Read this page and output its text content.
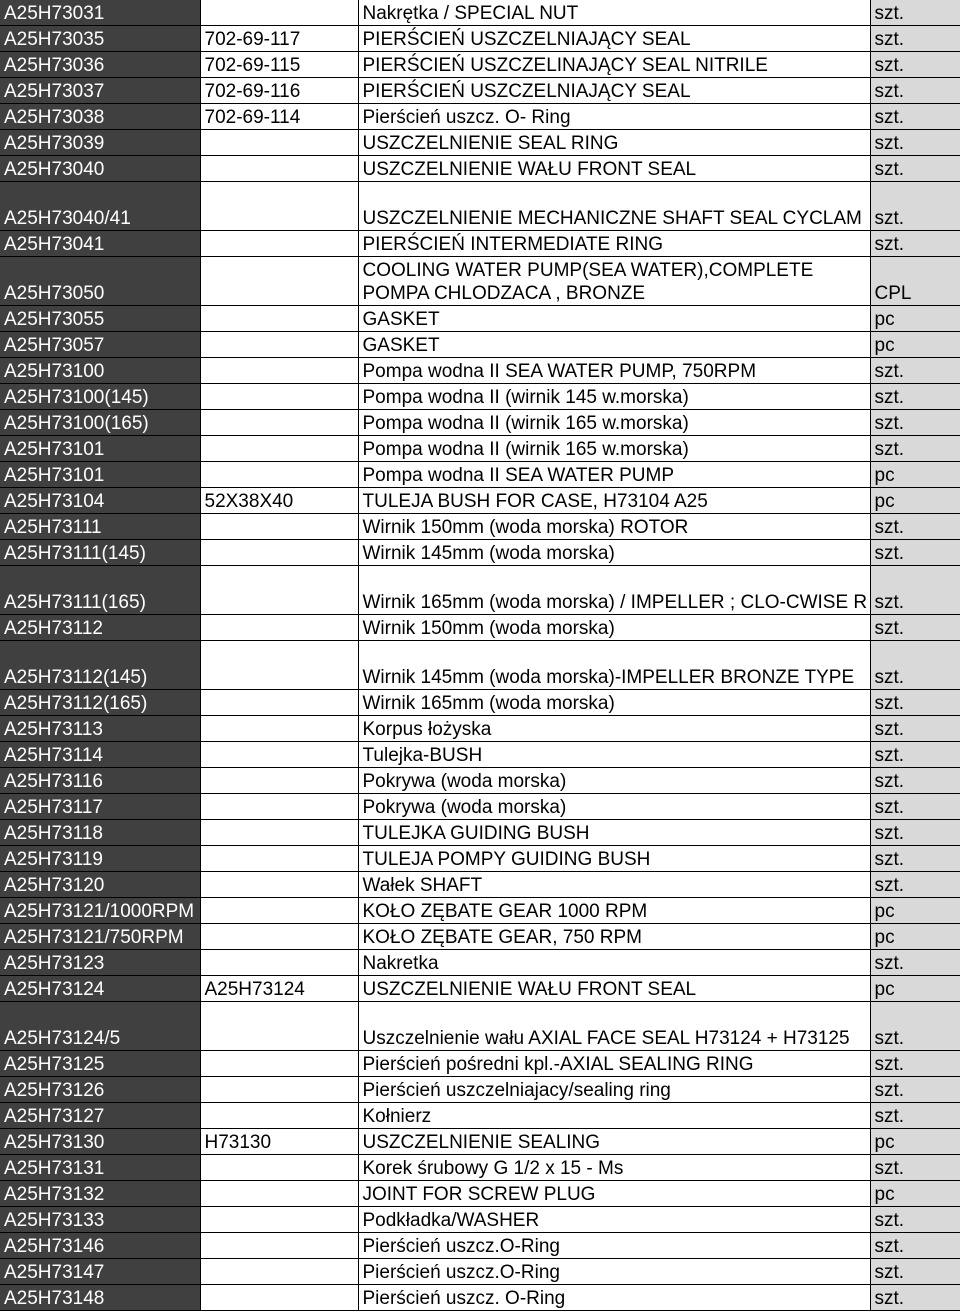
A25H73031		Nakrętka / SPECIAL NUT	szt.
A25H73035	702-69-117	PIERŚCIEŃ USZCZELNIAJĄCY SEAL	szt.
A25H73036	702-69-115	PIERŚCIEŃ USZCZELINAJĄCY SEAL NITRILE	szt.
A25H73037	702-69-116	PIERŚCIEŃ USZCZELNIAJĄCY SEAL	szt.
A25H73038	702-69-114	Pierścień uszcz. O- Ring	szt.
A25H73039		USZCZELNIENIE SEAL RING	szt.
A25H73040		USZCZELNIENIE WAŁU FRONT SEAL	szt.
A25H73040/41		USZCZELNIENIE MECHANICZNE SHAFT SEAL CYCLAM	szt.
A25H73041		PIERŚCIEŃ INTERMEDIATE RING	szt.
A25H73050		COOLING WATER PUMP(SEA WATER),COMPLETE POMPA CHLODZACA , BRONZE	CPL
A25H73055		GASKET	pc
A25H73057		GASKET	pc
A25H73100		Pompa wodna II SEA WATER PUMP, 750RPM	szt.
A25H73100(145)		Pompa wodna II (wirnik 145 w.morska)	szt.
A25H73100(165)		Pompa wodna II (wirnik 165 w.morska)	szt.
A25H73101		Pompa wodna II (wirnik 165 w.morska)	szt.
A25H73101		Pompa wodna II SEA WATER PUMP	pc
A25H73104	52X38X40	TULEJA BUSH FOR CASE, H73104 A25	pc
A25H73111		Wirnik 150mm (woda morska) ROTOR	szt.
A25H73111(145)		Wirnik 145mm (woda morska)	szt.
A25H73111(165)		Wirnik 165mm (woda morska) / IMPELLER ; CLO-CWISE R	szt.
A25H73112		Wirnik 150mm (woda morska)	szt.
A25H73112(145)		Wirnik 145mm (woda morska)-IMPELLER BRONZE TYPE	szt.
A25H73112(165)		Wirnik 165mm (woda morska)	szt.
A25H73113		Korpus łożyska	szt.
A25H73114		Tulejka-BUSH	szt.
A25H73116		Pokrywa (woda morska)	szt.
A25H73117		Pokrywa (woda morska)	szt.
A25H73118		TULEJKA GUIDING BUSH	szt.
A25H73119		TULEJA POMPY GUIDING BUSH	szt.
A25H73120		Wałek SHAFT	szt.
A25H73121/1000RPM		KOŁO ZĘBATE GEAR 1000 RPM	pc
A25H73121/750RPM		KOŁO ZĘBATE GEAR, 750 RPM	pc
A25H73123		Nakretka	szt.
A25H73124	A25H73124	USZCZELNIENIE WAŁU FRONT SEAL	pc
A25H73124/5		Uszczelnienie wału AXIAL FACE SEAL H73124 + H73125	szt.
A25H73125		Pierścień pośredni kpl.-AXIAL SEALING RING	szt.
A25H73126		Pierścień uszczelniajacy/sealing ring	szt.
A25H73127		Kołnierz	szt.
A25H73130	H73130	USZCZELNIENIE SEALING	pc
A25H73131		Korek śrubowy G 1/2 x 15 - Ms	szt.
A25H73132		JOINT FOR SCREW PLUG	pc
A25H73133		Podkładka/WASHER	szt.
A25H73146		Pierścień uszcz.O-Ring	szt.
A25H73147		Pierścień uszcz.O-Ring	szt.
A25H73148		Pierścień uszcz. O-Ring	szt.
